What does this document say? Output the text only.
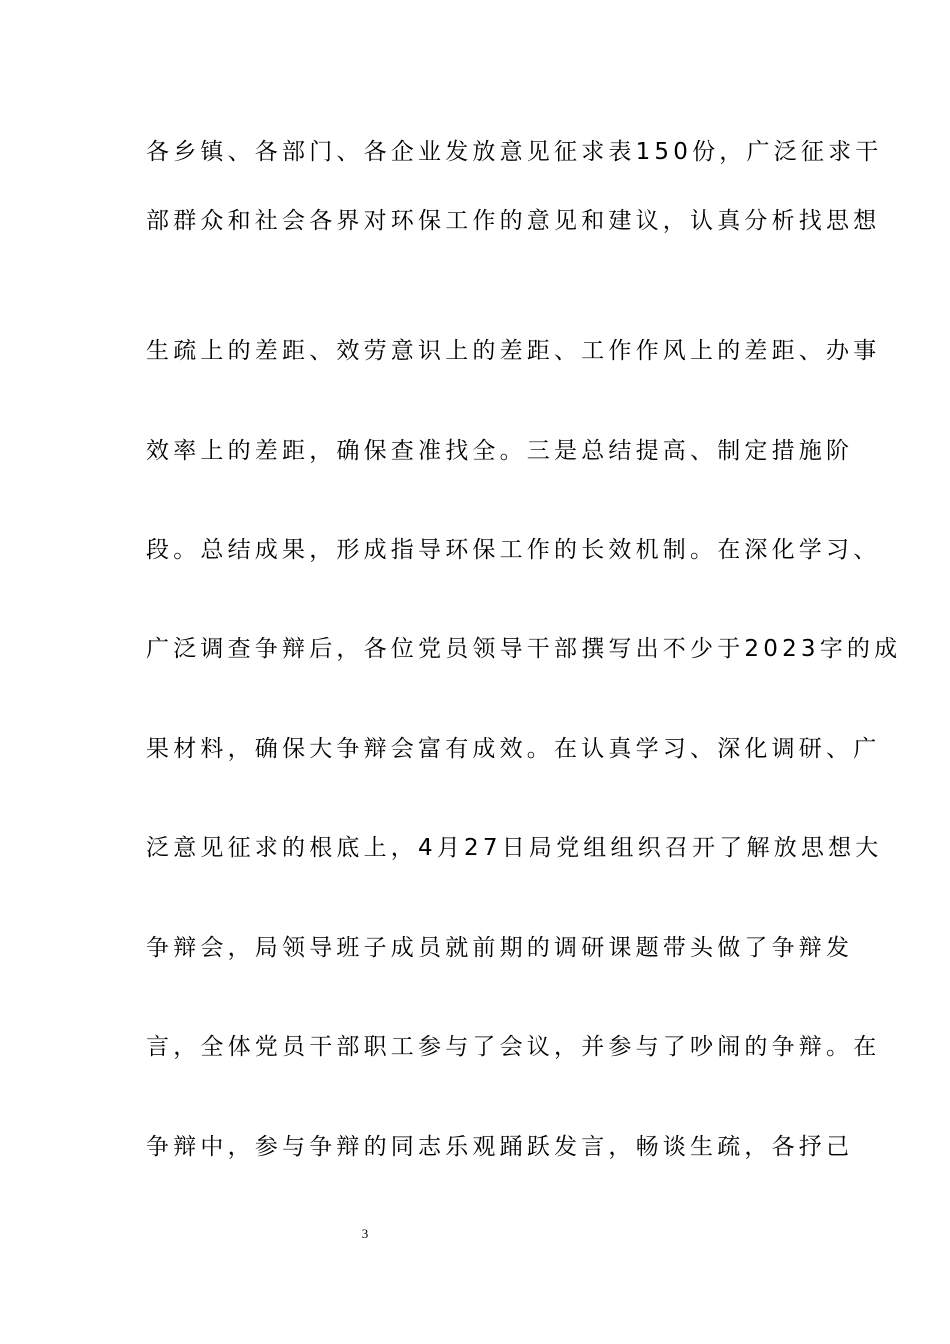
各乡镇、各部门、各企业发放意见征求表150份，广泛征求干
部群众和社会各界对环保工作的意见和建议，认真分析找思想
生疏上的差距、效劳意识上的差距、工作作风上的差距、办事
效率上的差距，确保查准找全。三是总结提高、制定措施阶
段。总结成果，形成指导环保工作的长效机制。在深化学习、
广泛调查争辩后，各位党员领导干部撰写出不少于2023字的成
果材料，确保大争辩会富有成效。在认真学习、深化调研、广
泛意见征求的根底上，4月27日局党组组织召开了解放思想大
争辩会，局领导班子成员就前期的调研课题带头做了争辩发
言，全体党员干部职工参与了会议，并参与了吵闹的争辩。在
争辩中，参与争辩的同志乐观踊跃发言，畅谈生疏，各抒己
3
